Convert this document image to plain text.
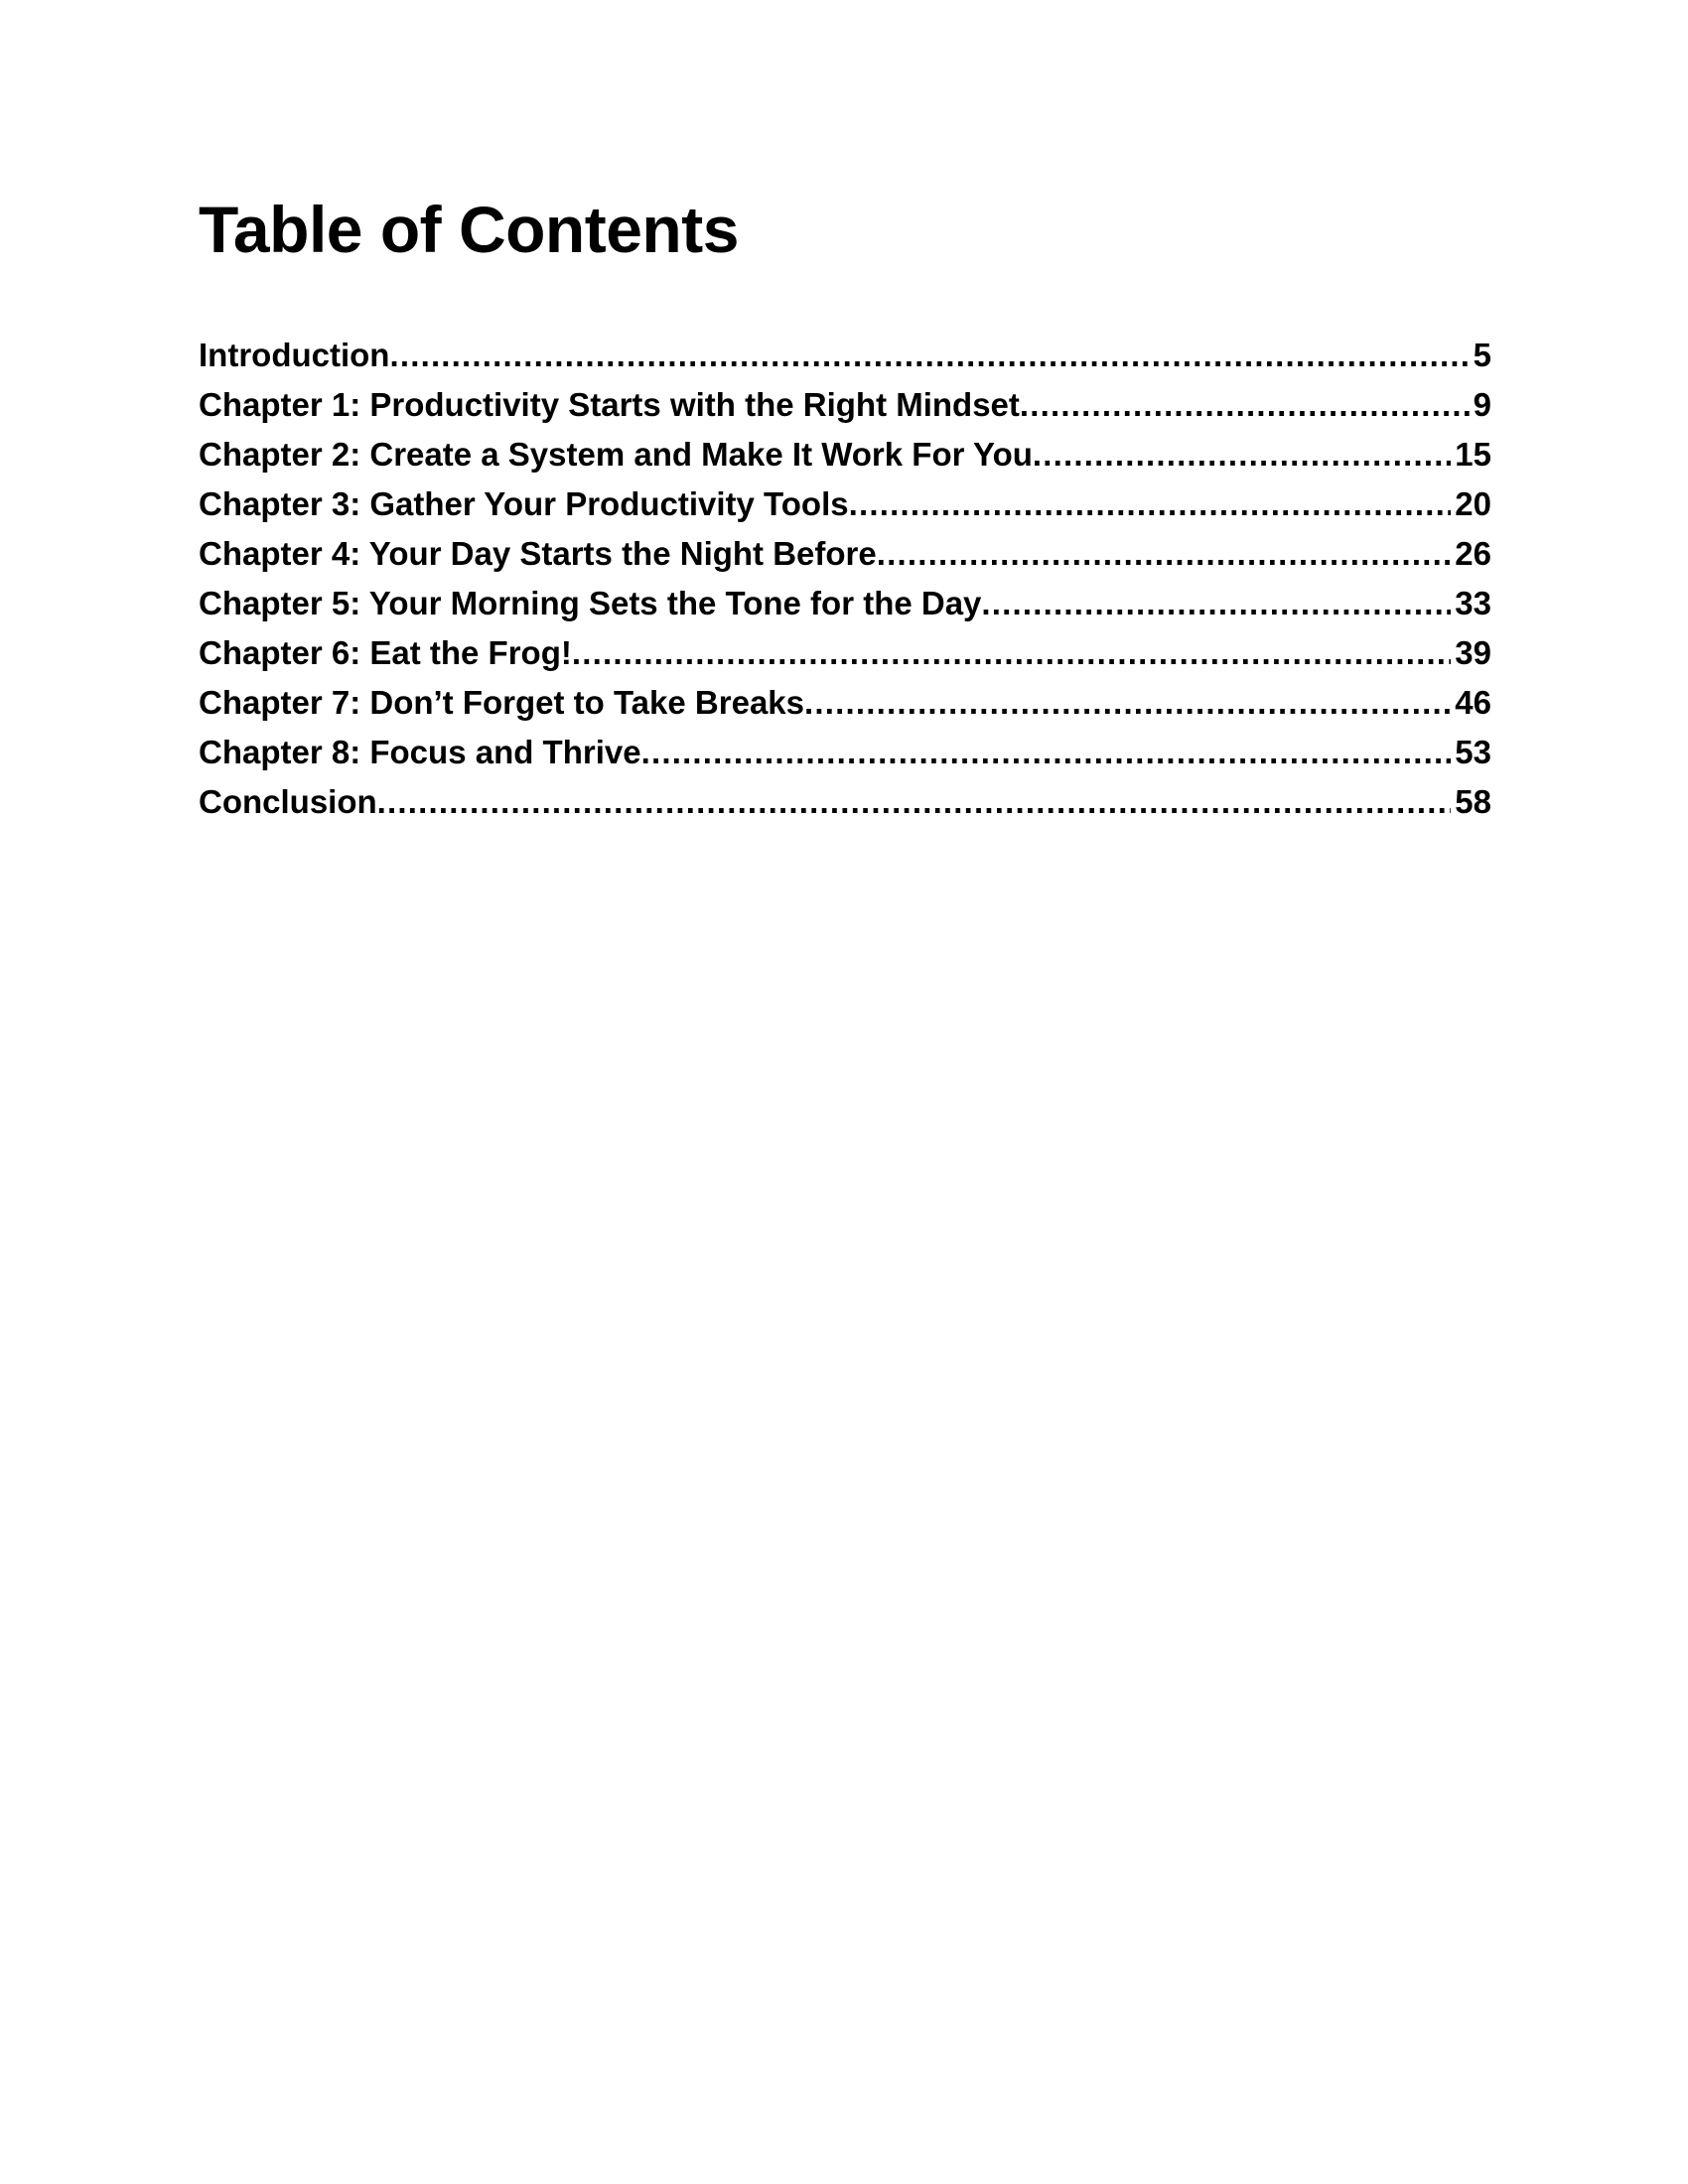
Table of Contents
Introduction .....	5
Chapter 1: Productivity Starts with the Right Mindset .....	9
Chapter 2: Create a System and Make It Work For You .....	15
Chapter 3: Gather Your Productivity Tools .....	20
Chapter 4: Your Day Starts the Night Before .....	26
Chapter 5: Your Morning Sets the Tone for the Day .....	33
Chapter 6: Eat the Frog! .....	39
Chapter 7: Don’t Forget to Take Breaks .....	46
Chapter 8: Focus and Thrive .....	53
Conclusion .....	58
